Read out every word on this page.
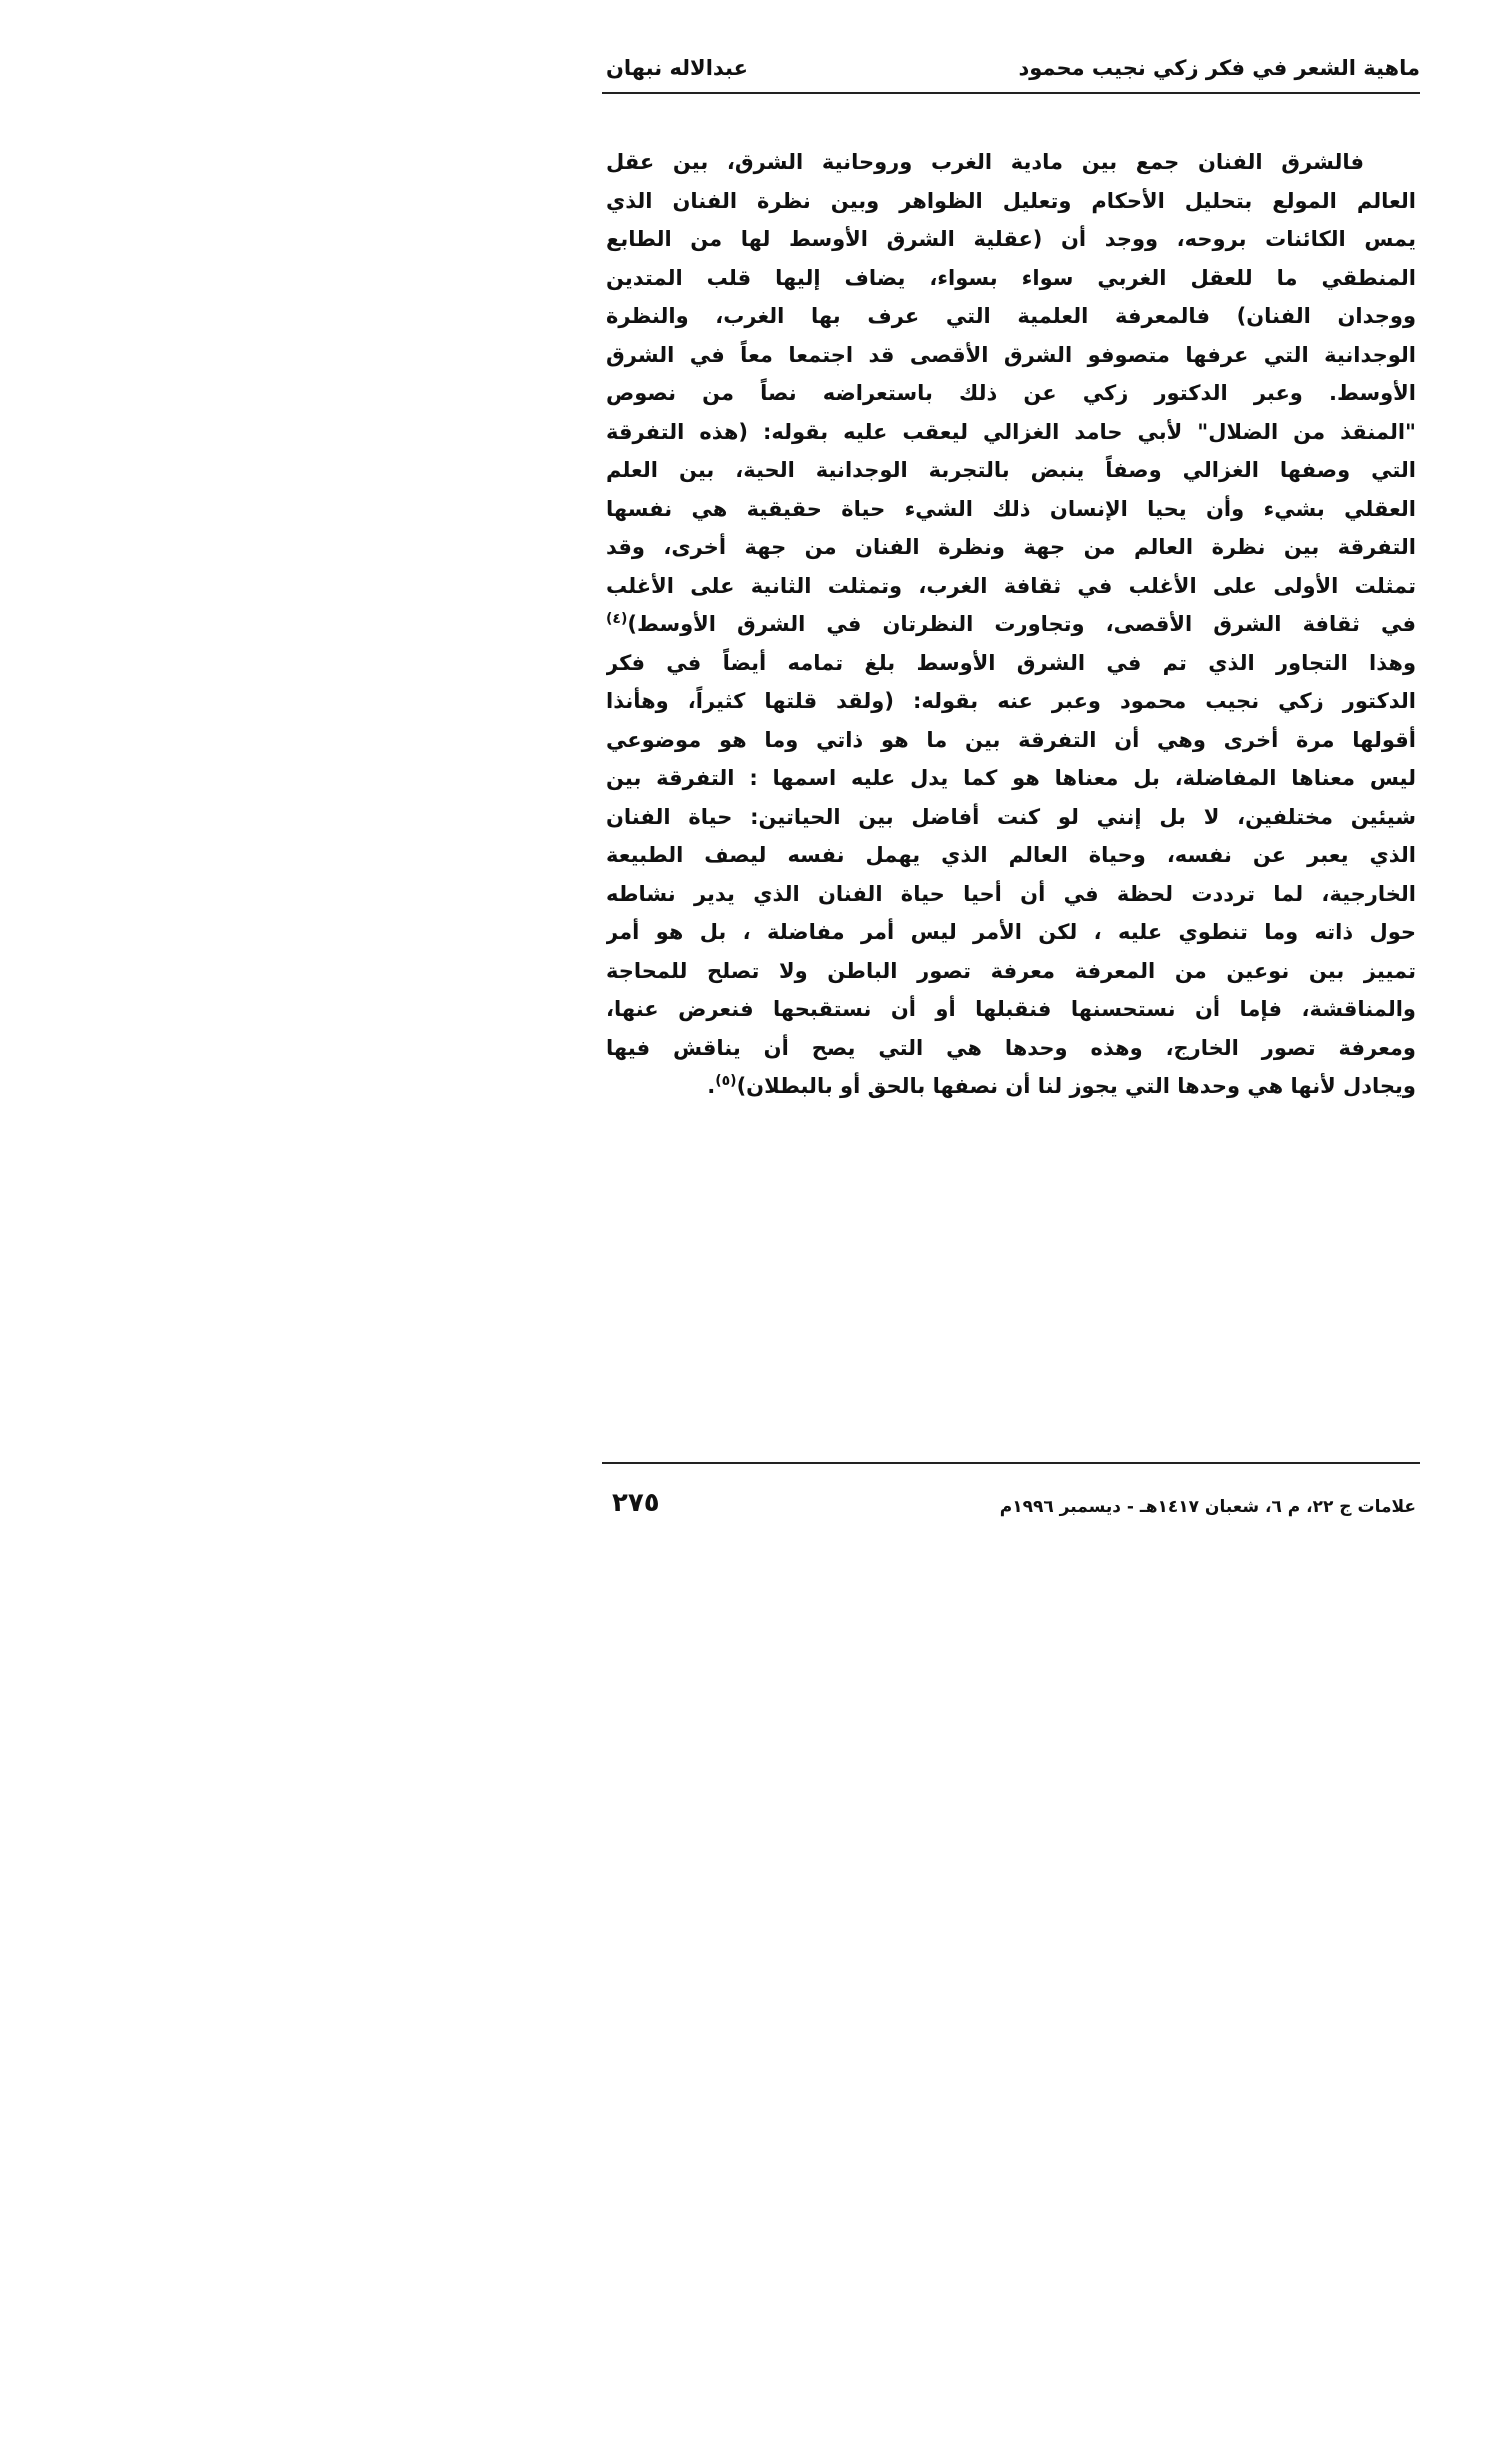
ماهية الشعر في فكر زكي نجيب محمود
عبدالاله نبهان
فالشرق الفنان جمع بين مادية الغرب وروحانية الشرق، بين عقل
العالم المولع بتحليل الأحكام وتعليل الظواهر وبين نظرة الفنان الذي
يمس الكائنات بروحه، ووجد أن (عقلية الشرق الأوسط لها من الطابع
المنطقي ما للعقل الغربي سواء بسواء، يضاف إليها قلب المتدين
ووجدان الفنان) فالمعرفة العلمية التي عرف بها الغرب، والنظرة
الوجدانية التي عرفها متصوفو الشرق الأقصى قد اجتمعا معاً في الشرق
الأوسط. وعبر الدكتور زكي عن ذلك باستعراضه نصاً من نصوص
"المنقذ من الضلال" لأبي حامد الغزالي ليعقب عليه بقوله: (هذه التفرقة
التي وصفها الغزالي وصفاً ينبض بالتجربة الوجدانية الحية، بين العلم
العقلي بشيء وأن يحيا الإنسان ذلك الشيء حياة حقيقية هي نفسها
التفرقة بين نظرة العالم من جهة ونظرة الفنان من جهة أخرى، وقد
تمثلت الأولى على الأغلب في ثقافة الغرب، وتمثلت الثانية على الأغلب
في ثقافة الشرق الأقصى، وتجاورت النظرتان في الشرق الأوسط)$^{(٤)}$
وهذا التجاور الذي تم في الشرق الأوسط بلغ تمامه أيضاً في فكر
الدكتور زكي نجيب محمود وعبر عنه بقوله: (ولقد قلتها كثيراً، وهأنذا
أقولها مرة أخرى وهي أن التفرقة بين ما هو ذاتي وما هو موضوعي
ليس معناها المفاضلة، بل معناها هو كما يدل عليه اسمها : التفرقة بين
شيئين مختلفين، لا بل إنني لو كنت أفاضل بين الحياتين: حياة الفنان
الذي يعبر عن نفسه، وحياة العالم الذي يهمل نفسه ليصف الطبيعة
الخارجية، لما ترددت لحظة في أن أحيا حياة الفنان الذي يدير نشاطه
حول ذاته وما تنطوي عليه ، لكن الأمر ليس أمر مفاضلة ، بل هو أمر
تمييز بين نوعين من المعرفة معرفة تصور الباطن ولا تصلح للمحاجة
والمناقشة، فإما أن نستحسنها فنقبلها أو أن نستقبحها فنعرض عنها،
ومعرفة تصور الخارج، وهذه وحدها هي التي يصح أن يناقش فيها
ويجادل لأنها هي وحدها التي يجوز لنا أن نصفها بالحق أو بالبطلان)$^{(٥)}$.
علامات ج ٢٢، م ٦، شعبان ١٤١٧هـ - ديسمبر ١٩٩٦م
٢٧٥
